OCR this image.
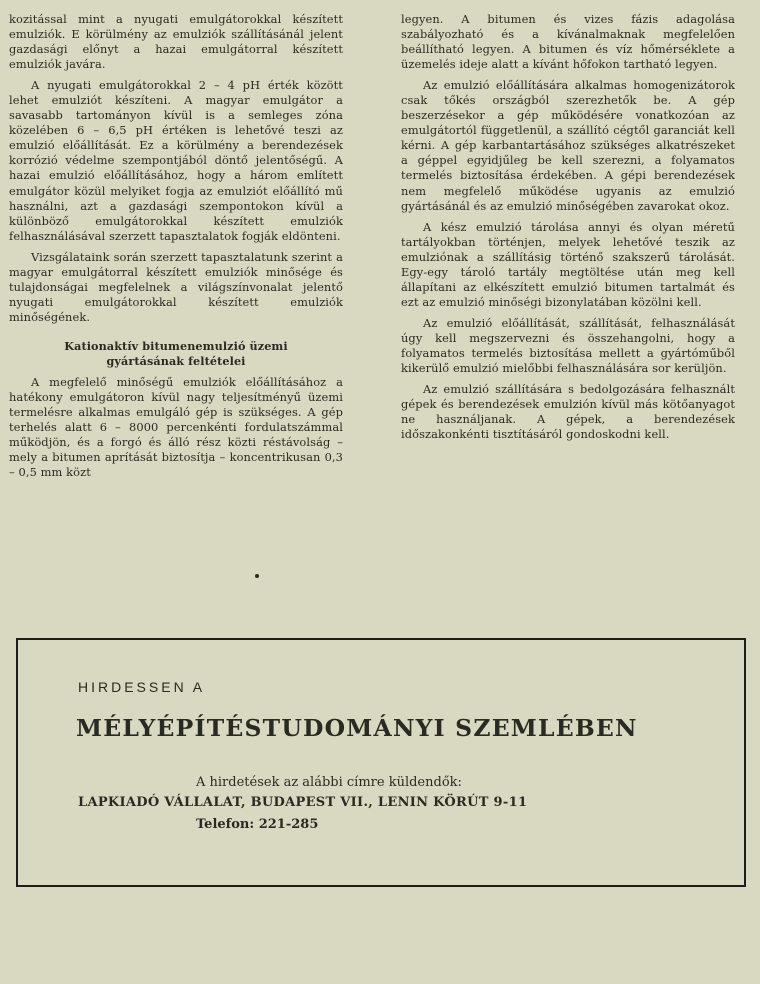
kozitással mint a nyugati emulgátorokkal készített emulziók. E körülmény az emulziók szállításánál jelent gazdasági előnyt a hazai emulgátorral készített emulziók javára.

A nyugati emulgátorokkal 2 – 4 pH érték között lehet emulziót készíteni. A magyar emulgátor a savasabb tartományon kívül is a semleges zóna közelében 6 – 6,5 pH értéken is lehetővé teszi az emulzió előállítását. Ez a körülmény a berendezések korrózió védelme szempontjából döntő jelentőségű. A hazai emulzió előállításához, hogy a három említett emulgátor közül melyiket fogja az emulziót előállító mű használni, azt a gazdasági szempontokon kívül a különböző emulgátorokkal készített emulziók felhasználásával szerzett tapasztalatok fogják eldönteni.

Vizsgálataink során szerzett tapasztalatunk szerint a magyar emulgátorral készített emulziók minősége és tulajdonságai megfelelnek a világszínvonalat jelentő nyugati emulgátorokkal készített emulziók minőségének.

Kationaktív bitumenemulzió üzemi
gyártásának feltételei

A megfelelő minőségű emulziók előállításához a hatékony emulgátoron kívül nagy teljesítményű üzemi termelésre alkalmas emulgáló gép is szükséges. A gép terhelés alatt 6 – 8000 percenkénti fordulatszámmal működjön, és a forgó és álló rész közti réstávolság – mely a bitumen aprítását biztosítja – koncentrikusan 0,3 – 0,5 mm közt

legyen. A bitumen és vizes fázis adagolása szabályozható és a kívánalmaknak megfelelően beállítható legyen. A bitumen és víz hőmérséklete a üzemelés ideje alatt a kívánt hőfokon tartható legyen.

Az emulzió előállítására alkalmas homogenizátorok csak tőkés országból szerezhetők be. A gép beszerzésekor a gép működésére vonatkozóan az emulgátortól függetlenül, a szállító cégtől garanciát kell kérni. A gép karbantartásához szükséges alkatrészeket a géppel egyidjűleg be kell szerezni, a folyamatos termelés biztosítása érdekében. A gépi berendezések nem megfelelő működése ugyanis az emulzió gyártásánál és az emulzió minőségében zavarokat okoz.

A kész emulzió tárolása annyi és olyan méretű tartályokban történjen, melyek lehetővé teszik az emulziónak a szállításig történő szakszerű tárolását. Egy-egy tároló tartály megtöltése után meg kell állapítani az elkészített emulzió bitumen tartalmát és ezt az emulzió minőségi bizonylatában közölni kell.

Az emulzió előállítását, szállítását, felhasználását úgy kell megszervezni és összehangolni, hogy a folyamatos termelés biztosítása mellett a gyártóműből kikerülő emulzió mielőbbi felhasználására sor kerüljön.

Az emulzió szállítására s bedolgozására felhasznált gépek és berendezések emulzión kívül más kötőanyagot ne használjanak. A gépek, a berendezések időszakonkénti tisztításáról gondoskodni kell.

HIRDESSEN A
MÉLYÉPÍTÉSTUDOMÁNYI SZEMLÉBEN
A hirdetések az alábbi címre küldendők:
LAPKIADÓ VÁLLALAT, BUDAPEST VII., LENIN KÖRÚT 9-11
Telefon: 221-285
